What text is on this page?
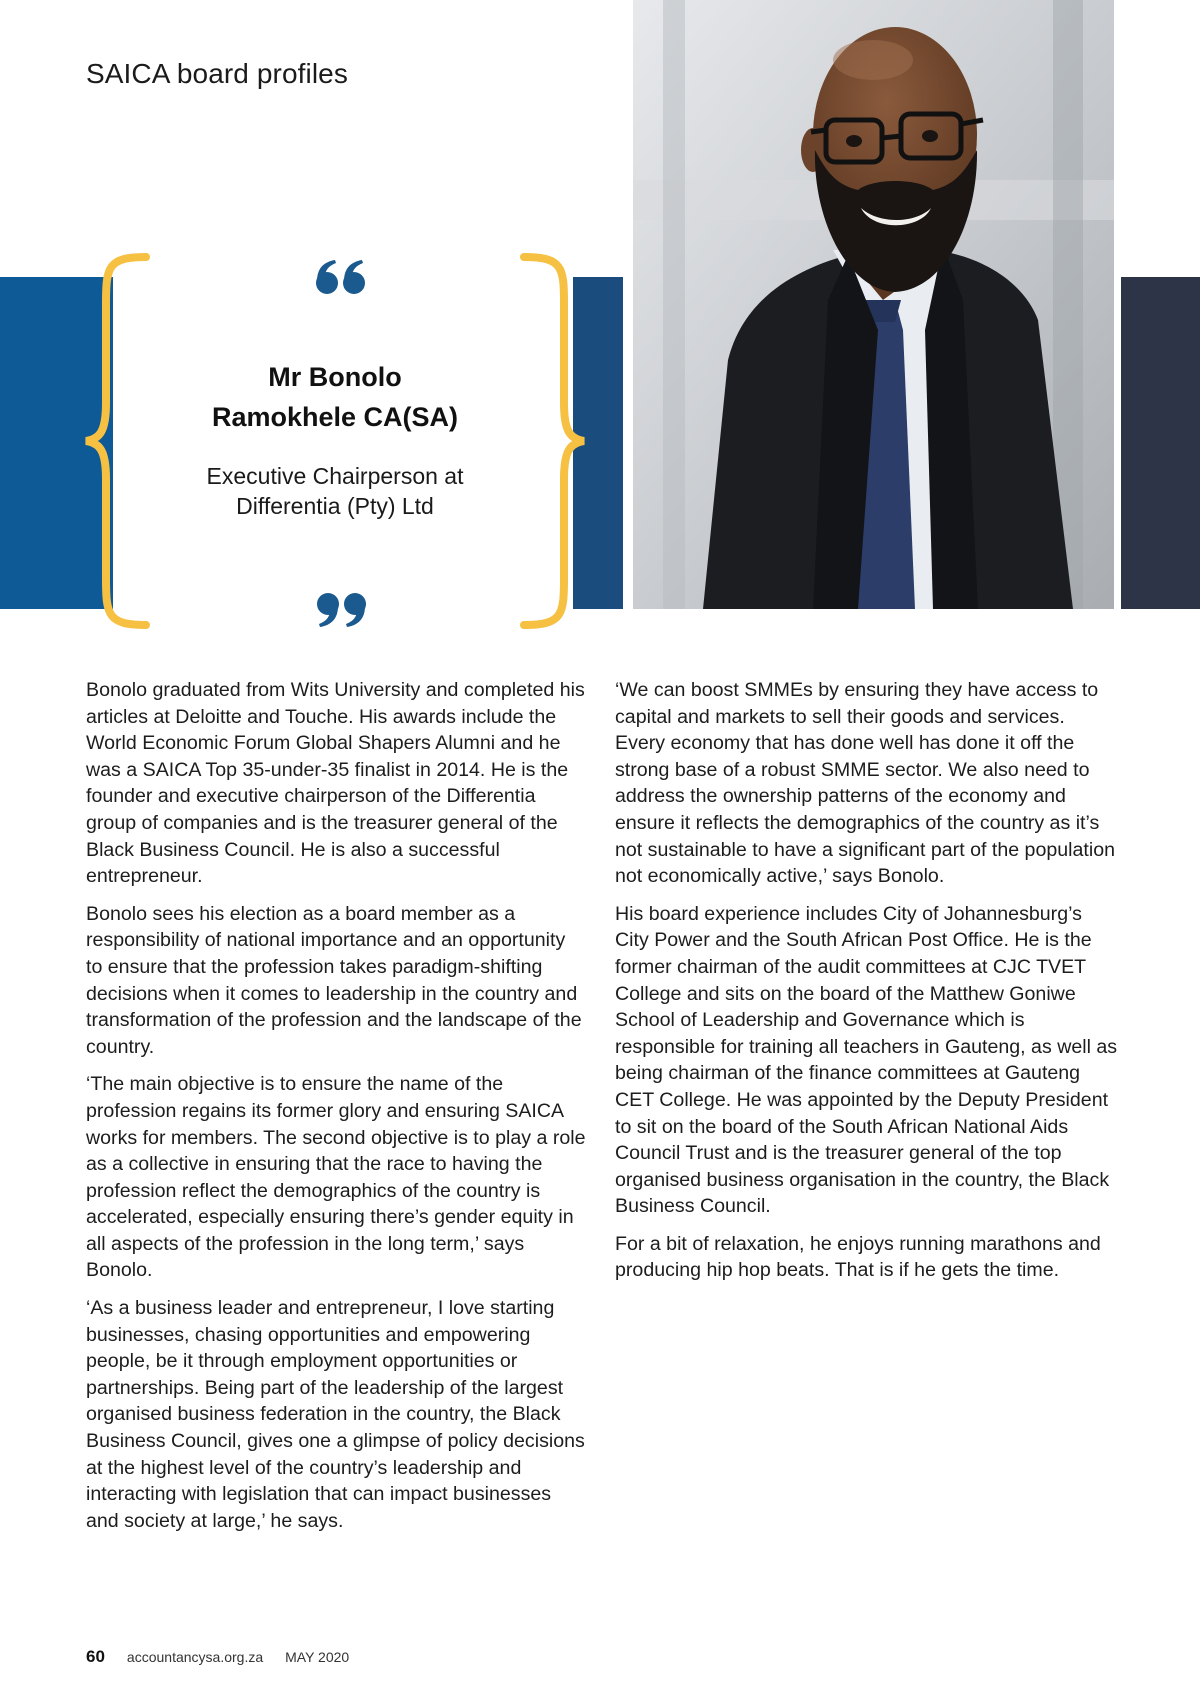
SAICA board profiles
Mr Bonolo
Ramokhele CA(SA)
Executive Chairperson at
Differentia (Pty) Ltd

Bonolo graduated from Wits University and completed his articles at Deloitte and Touche. His awards include the World Economic Forum Global Shapers Alumni and he was a SAICA Top 35-under-35 finalist in 2014. He is the founder and executive chairperson of the Differentia group of companies and is the treasurer general of the Black Business Council. He is also a successful entrepreneur.

Bonolo sees his election as a board member as a responsibility of national importance and an opportunity to ensure that the profession takes paradigm-shifting decisions when it comes to leadership in the country and transformation of the profession and the landscape of the country.

‘The main objective is to ensure the name of the profession regains its former glory and ensuring SAICA works for members. The second objective is to play a role as a collective in ensuring that the race to having the profession reflect the demographics of the country is accelerated, especially ensuring there’s gender equity in all aspects of the profession in the long term,’ says Bonolo.

‘As a business leader and entrepreneur, I love starting businesses, chasing opportunities and empowering people, be it through employment opportunities or partnerships. Being part of the leadership of the largest organised business federation in the country, the Black Business Council, gives one a glimpse of policy decisions at the highest level of the country’s leadership and interacting with legislation that can impact businesses and society at large,’ he says.

‘We can boost SMMEs by ensuring they have access to capital and markets to sell their goods and services. Every economy that has done well has done it off the strong base of a robust SMME sector. We also need to address the ownership patterns of the economy and ensure it reflects the demographics of the country as it’s not sustainable to have a significant part of the population not economically active,’ says Bonolo.

His board experience includes City of Johannesburg’s City Power and the South African Post Office. He is the former chairman of the audit committees at CJC TVET College and sits on the board of the Matthew Goniwe School of Leadership and Governance which is responsible for training all teachers in Gauteng, as well as being chairman of the finance committees at Gauteng CET College. He was appointed by the Deputy President to sit on the board of the South African National Aids Council Trust and is the treasurer general of the top organised business organisation in the country, the Black Business Council.

For a bit of relaxation, he enjoys running marathons and producing hip hop beats. That is if he gets the time.

60 accountancysa.org.za MAY 2020
